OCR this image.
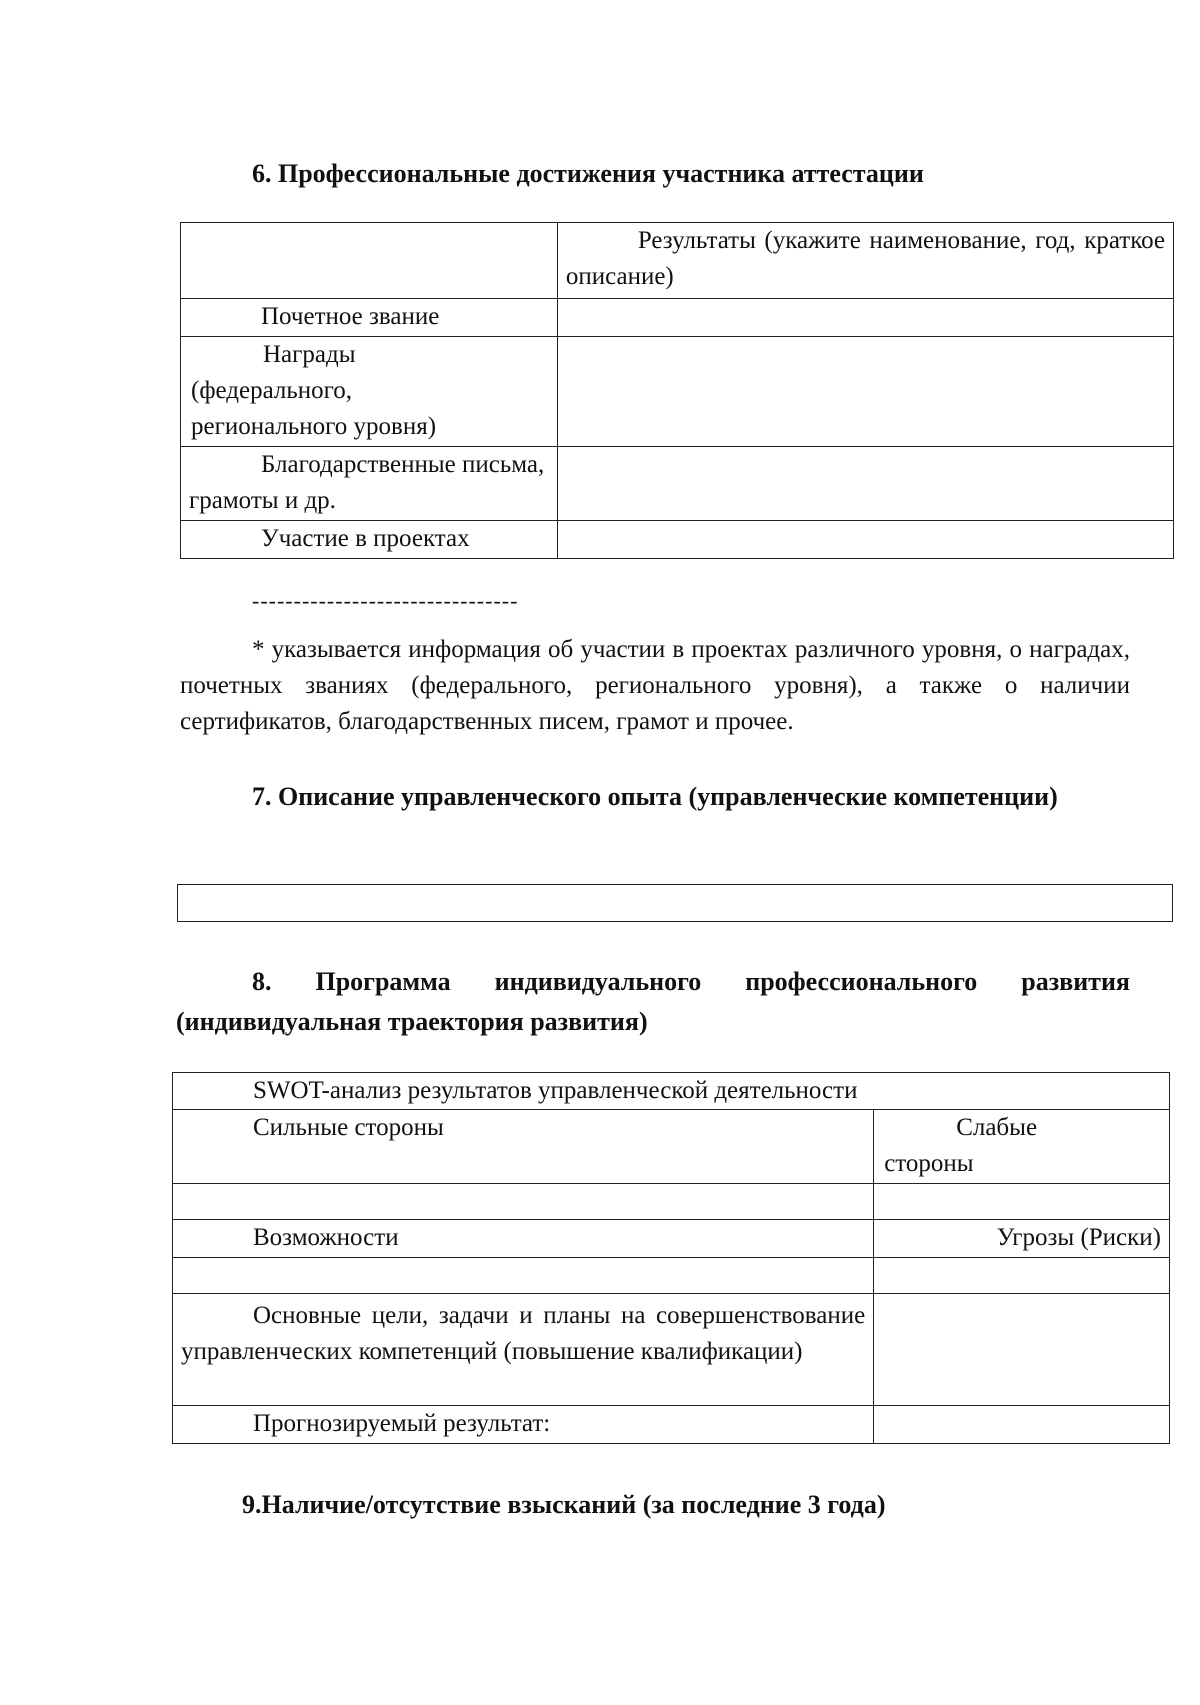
6. Профессиональные достижения участника аттестации
	Результаты (укажите наименование, год, краткое описание)
Почетное звание	

Награды (федерального, регионального уровня)	

Благодарственные письма, грамоты и др.	
Участие в проектах	
--------------------------------

* указывается информация об участии в проектах различного уровня, о наградах, почетных званиях (федерального, регионального уровня), а также о наличии сертификатов, благодарственных писем, грамот и прочее.

7. Описание управленческого опыта (управленческие компетенции)
8. Программа индивидуального профессионального развития (индивидуальная траектория развития)
SWOT-анализ результатов управленческой деятельности	
Сильные стороны	Слабые стороны

Возможности	Угрозы (Риски)

Основные цели, задачи и планы на совершенствование управленческих компетенций (повышение квалификации)	
Прогнозируемый результат:	
9.Наличие/отсутствие взысканий (за последние 3 года)
